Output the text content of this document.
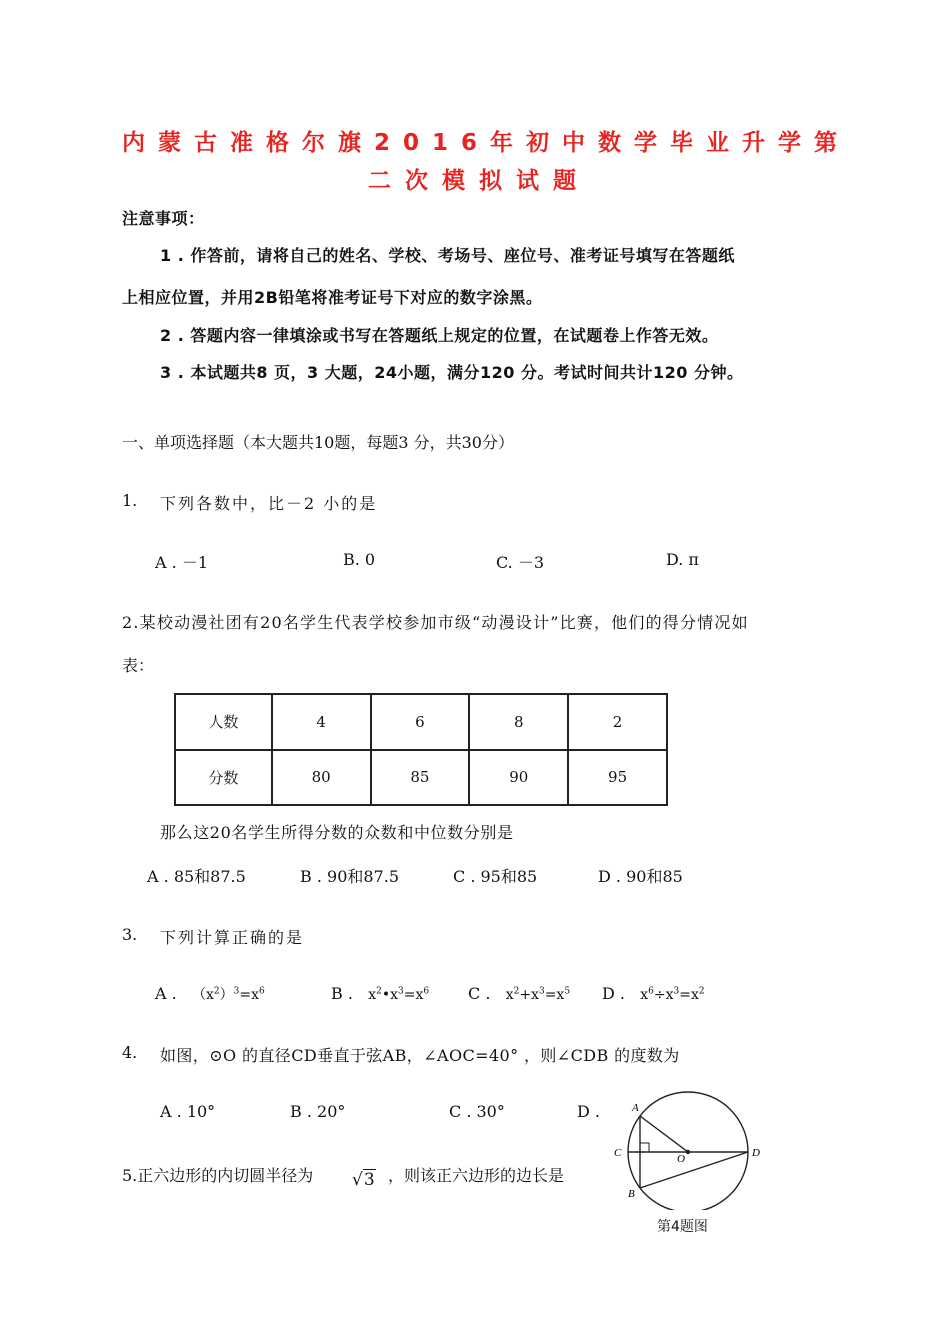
内蒙古准格尔旗2016年初中数学毕业升学第
二次模拟试题
注意事项：
1 . 作答前，请将自己的姓名、学校、考场号、座位号、准考证号填写在答题纸
上相应位置，并用2B铅笔将准考证号下对应的数字涂黑。
2 . 答题内容一律填涂或书写在答题纸上规定的位置，在试题卷上作答无效。
3 . 本试题共8 页，3 大题，24小题，满分120 分。考试时间共计120 分钟。
一、单项选择题（本大题共10题，每题3 分，共30分）
1. 下列各数中，比－2 小的是
A . －1	B. 0	C. －3	D. π
2.某校动漫社团有20名学生代表学校参加市级“动漫设计”比赛，他们的得分情况如
表：
人数	4	6	8	2
分数	80	85	90	95
那么这20名学生所得分数的众数和中位数分别是
A . 85和87.5	B . 90和87.5	C . 95和85	D . 90和85
3. 下列计算正确的是
A . $(x^2)^3=x^6$	B . $x^2•x^3=x^6$ C . $x^2+x^3=x^5$ D . $x^6\div x^3=x^2$
4. 如图，⊙O 的直径CD垂直于弦AB，∠AOC=40° ，则∠CDB 的度数为
A . 10°	B . 20°	C . 30°	D .	A
B
C	D
O
第4题图
5.正六边形的内切圆半径为 √3 ，则该正六边形的边长是
